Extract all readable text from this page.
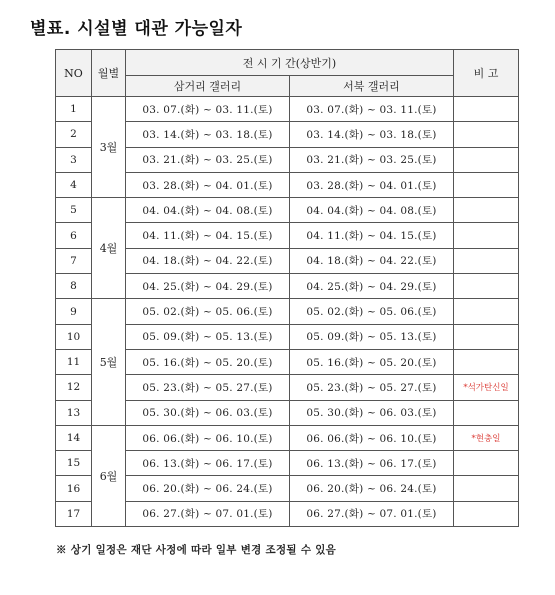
별표. 시설별 대관 가능일자
NO	월별	전 시 기 간(상반기)		비 고
		삼거리 갤러리	서북 갤러리	
1	3월	03. 07.(화) ~ 03. 11.(토)	03. 07.(화) ~ 03. 11.(토)	
2		03. 14.(화) ~ 03. 18.(토)	03. 14.(화) ~ 03. 18.(토)	
3		03. 21.(화) ~ 03. 25.(토)	03. 21.(화) ~ 03. 25.(토)	
4		03. 28.(화) ~ 04. 01.(토)	03. 28.(화) ~ 04. 01.(토)	
5	4월	04. 04.(화) ~ 04. 08.(토)	04. 04.(화) ~ 04. 08.(토)	
6		04. 11.(화) ~ 04. 15.(토)	04. 11.(화) ~ 04. 15.(토)	
7		04. 18.(화) ~ 04. 22.(토)	04. 18.(화) ~ 04. 22.(토)	
8		04. 25.(화) ~ 04. 29.(토)	04. 25.(화) ~ 04. 29.(토)	
9	5월	05. 02.(화) ~ 05. 06.(토)	05. 02.(화) ~ 05. 06.(토)	
10		05. 09.(화) ~ 05. 13.(토)	05. 09.(화) ~ 05. 13.(토)	
11		05. 16.(화) ~ 05. 20.(토)	05. 16.(화) ~ 05. 20.(토)	
12		05. 23.(화) ~ 05. 27.(토)	05. 23.(화) ~ 05. 27.(토)	*석가탄신일
13		05. 30.(화) ~ 06. 03.(토)	05. 30.(화) ~ 06. 03.(토)	
14	6월	06. 06.(화) ~ 06. 10.(토)	06. 06.(화) ~ 06. 10.(토)	*현충일
15		06. 13.(화) ~ 06. 17.(토)	06. 13.(화) ~ 06. 17.(토)	
16		06. 20.(화) ~ 06. 24.(토)	06. 20.(화) ~ 06. 24.(토)	
17		06. 27.(화) ~ 07. 01.(토)	06. 27.(화) ~ 07. 01.(토)	
※ 상기 일정은 재단 사정에 따라 일부 변경 조정될 수 있음
